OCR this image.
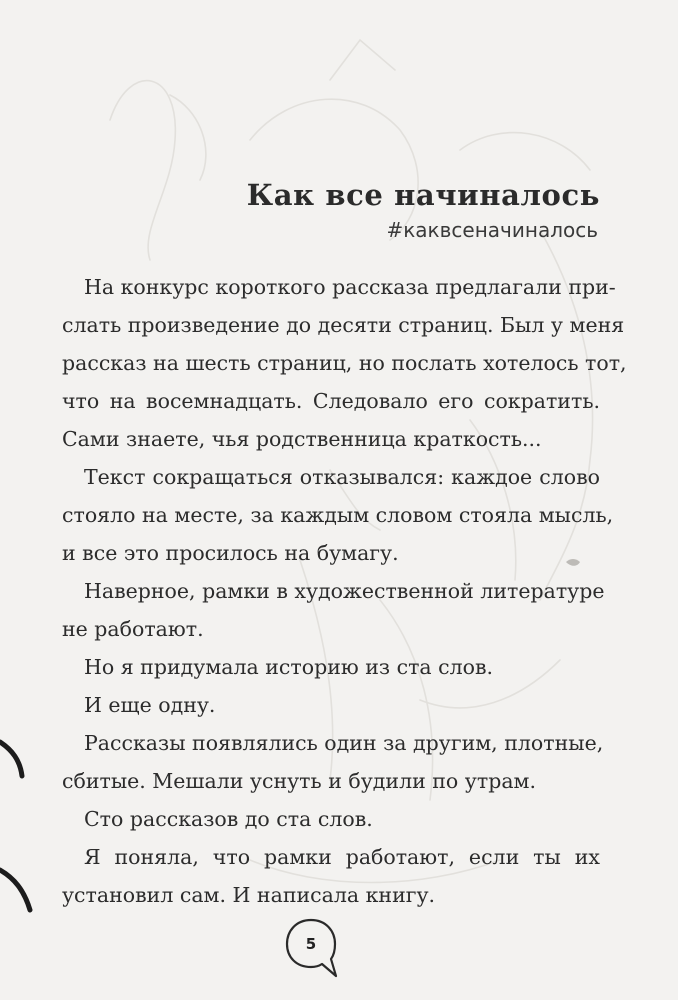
Как все начиналось
#каквсеначиналось
На конкурс короткого рассказа предлагали при-
слать произведение до десяти страниц. Был у меня
рассказ на шесть страниц, но послать хотелось тот,
что на восемнадцать. Следовало его сократить.
Сами знаете, чья родственница краткость...
Текст сокращаться отказывался: каждое слово
стояло на месте, за каждым словом стояла мысль,
и все это просилось на бумагу.
Наверное, рамки в художественной литературе
не работают.
Но я придумала историю из ста слов.
И еще одну.
Рассказы появлялись один за другим, плотные,
сбитые. Мешали уснуть и будили по утрам.
Сто рассказов до ста слов.
Я поняла, что рамки работают, если ты их
установил сам. И написала книгу.
5
